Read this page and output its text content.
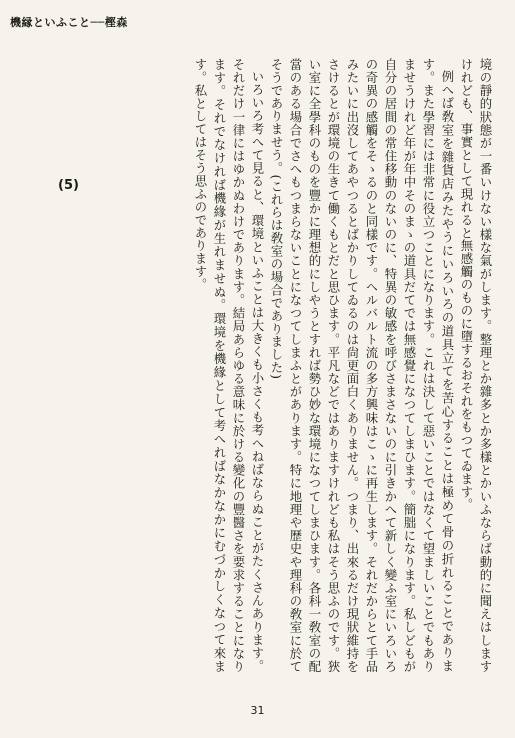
機縁といふこと──樫森
(5)	境の靜的狀態が一番いけない樣な氣がします。整理とか雜多とか多樣とかいふならば動的に聞えはしますけれども、事實として現れると無感觸のものに墮するおそれをもつてゐます。

例へば敎室を雜貨店みたやうにいろいろの道具立てを苦心することは極めて骨の折れることであります。また學習には非常に役立つことになります。これは決して惡いことではなくて望ましいことでもありませうけれど年が年中そのまゝの道具だてでは無感覺になつてしまひます。簡朏になります。私しどもが自分の居間の常住移動のないのに、特異の敏感を呼びさまさないのに引きかへて新しく變ふ室にいろいろの奇異の感觸をそゝるのと同樣です。ヘルバルト流の多方興味はこゝに再生します。それだからとて手品みたいに出沒してあやつるとばかりしてゐるのは尙更面白くありません。つまり、出來るだけ現狀維持をさけるとが環境の生きて働くもとだと思ひます。平凡などではありますけれども私はそう思ふのです。狹い室に全學科のものを豐かに理想的にしやうとすれば勢ひ妙な環境になつてしまひます。各科一敎室の配當のある場合でさへもつまらないことになつてしまふとがあります。特に地理や歷史や理科の敎室に於てそうでありませう。(これらは敎室の場合でありました)

いろいろ考へて見ると、環境といふことは大きくも小さくも考へねばならぬことがたくさんあります。それだけ一律にはゆかぬわけであります。結局あらゆる意味に於ける變化の豐醫さを要求することになります。それでなければ機緣が生れませぬ。環境を機緣として考へればなかなかにむづかしくなつて來ます。私としてはそう思ふのであります。

31
